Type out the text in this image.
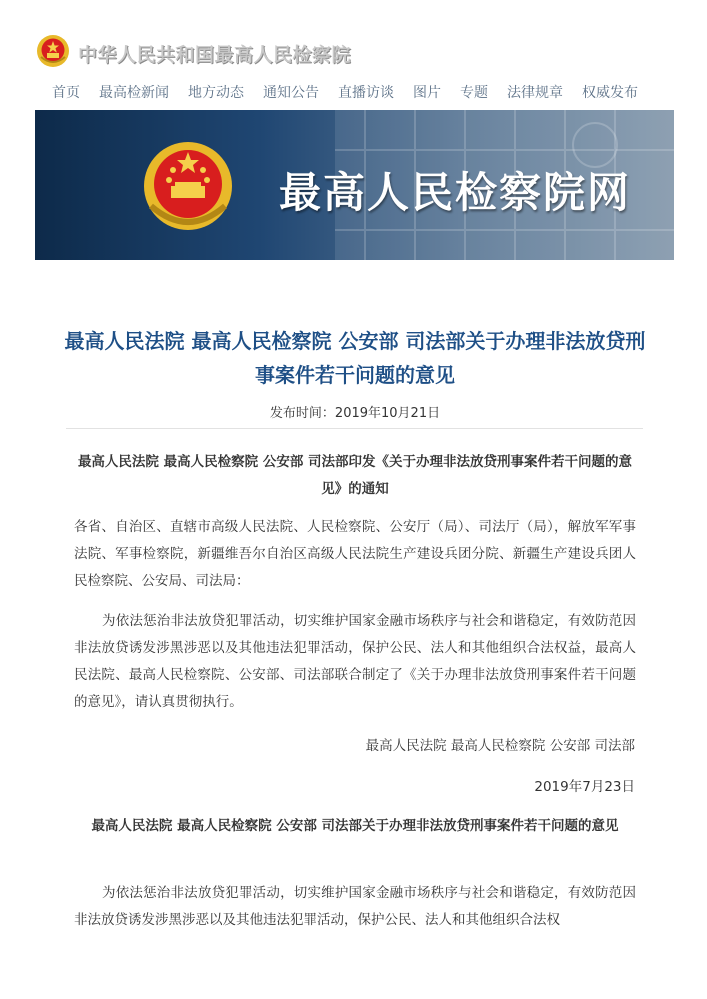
中华人民共和国最高人民检察院
首页 最高检新闻 地方动态 通知公告 直播访谈 图片 专题 法律规章 权威发布
最高人民检察院网
最高人民法院 最高人民检察院 公安部 司法部关于办理非法放贷刑事案件若干问题的意见
发布时间：2019年10月21日
最高人民法院 最高人民检察院 公安部 司法部印发《关于办理非法放贷刑事案件若干问题的意见》的通知

各省、自治区、直辖市高级人民法院、人民检察院、公安厅（局）、司法厅（局），解放军军事法院、军事检察院，新疆维吾尔自治区高级人民法院生产建设兵团分院、新疆生产建设兵团人民检察院、公安局、司法局：

为依法惩治非法放贷犯罪活动，切实维护国家金融市场秩序与社会和谐稳定，有效防范因非法放贷诱发涉黑涉恶以及其他违法犯罪活动，保护公民、法人和其他组织合法权益，最高人民法院、最高人民检察院、公安部、司法部联合制定了《关于办理非法放贷刑事案件若干问题的意见》，请认真贯彻执行。

最高人民法院 最高人民检察院 公安部 司法部
2019年7月23日
最高人民法院 最高人民检察院 公安部 司法部关于办理非法放贷刑事案件若干问题的意见

为依法惩治非法放贷犯罪活动，切实维护国家金融市场秩序与社会和谐稳定，有效防范因非法放贷诱发涉黑涉恶以及其他违法犯罪活动，保护公民、法人和其他组织合法权
